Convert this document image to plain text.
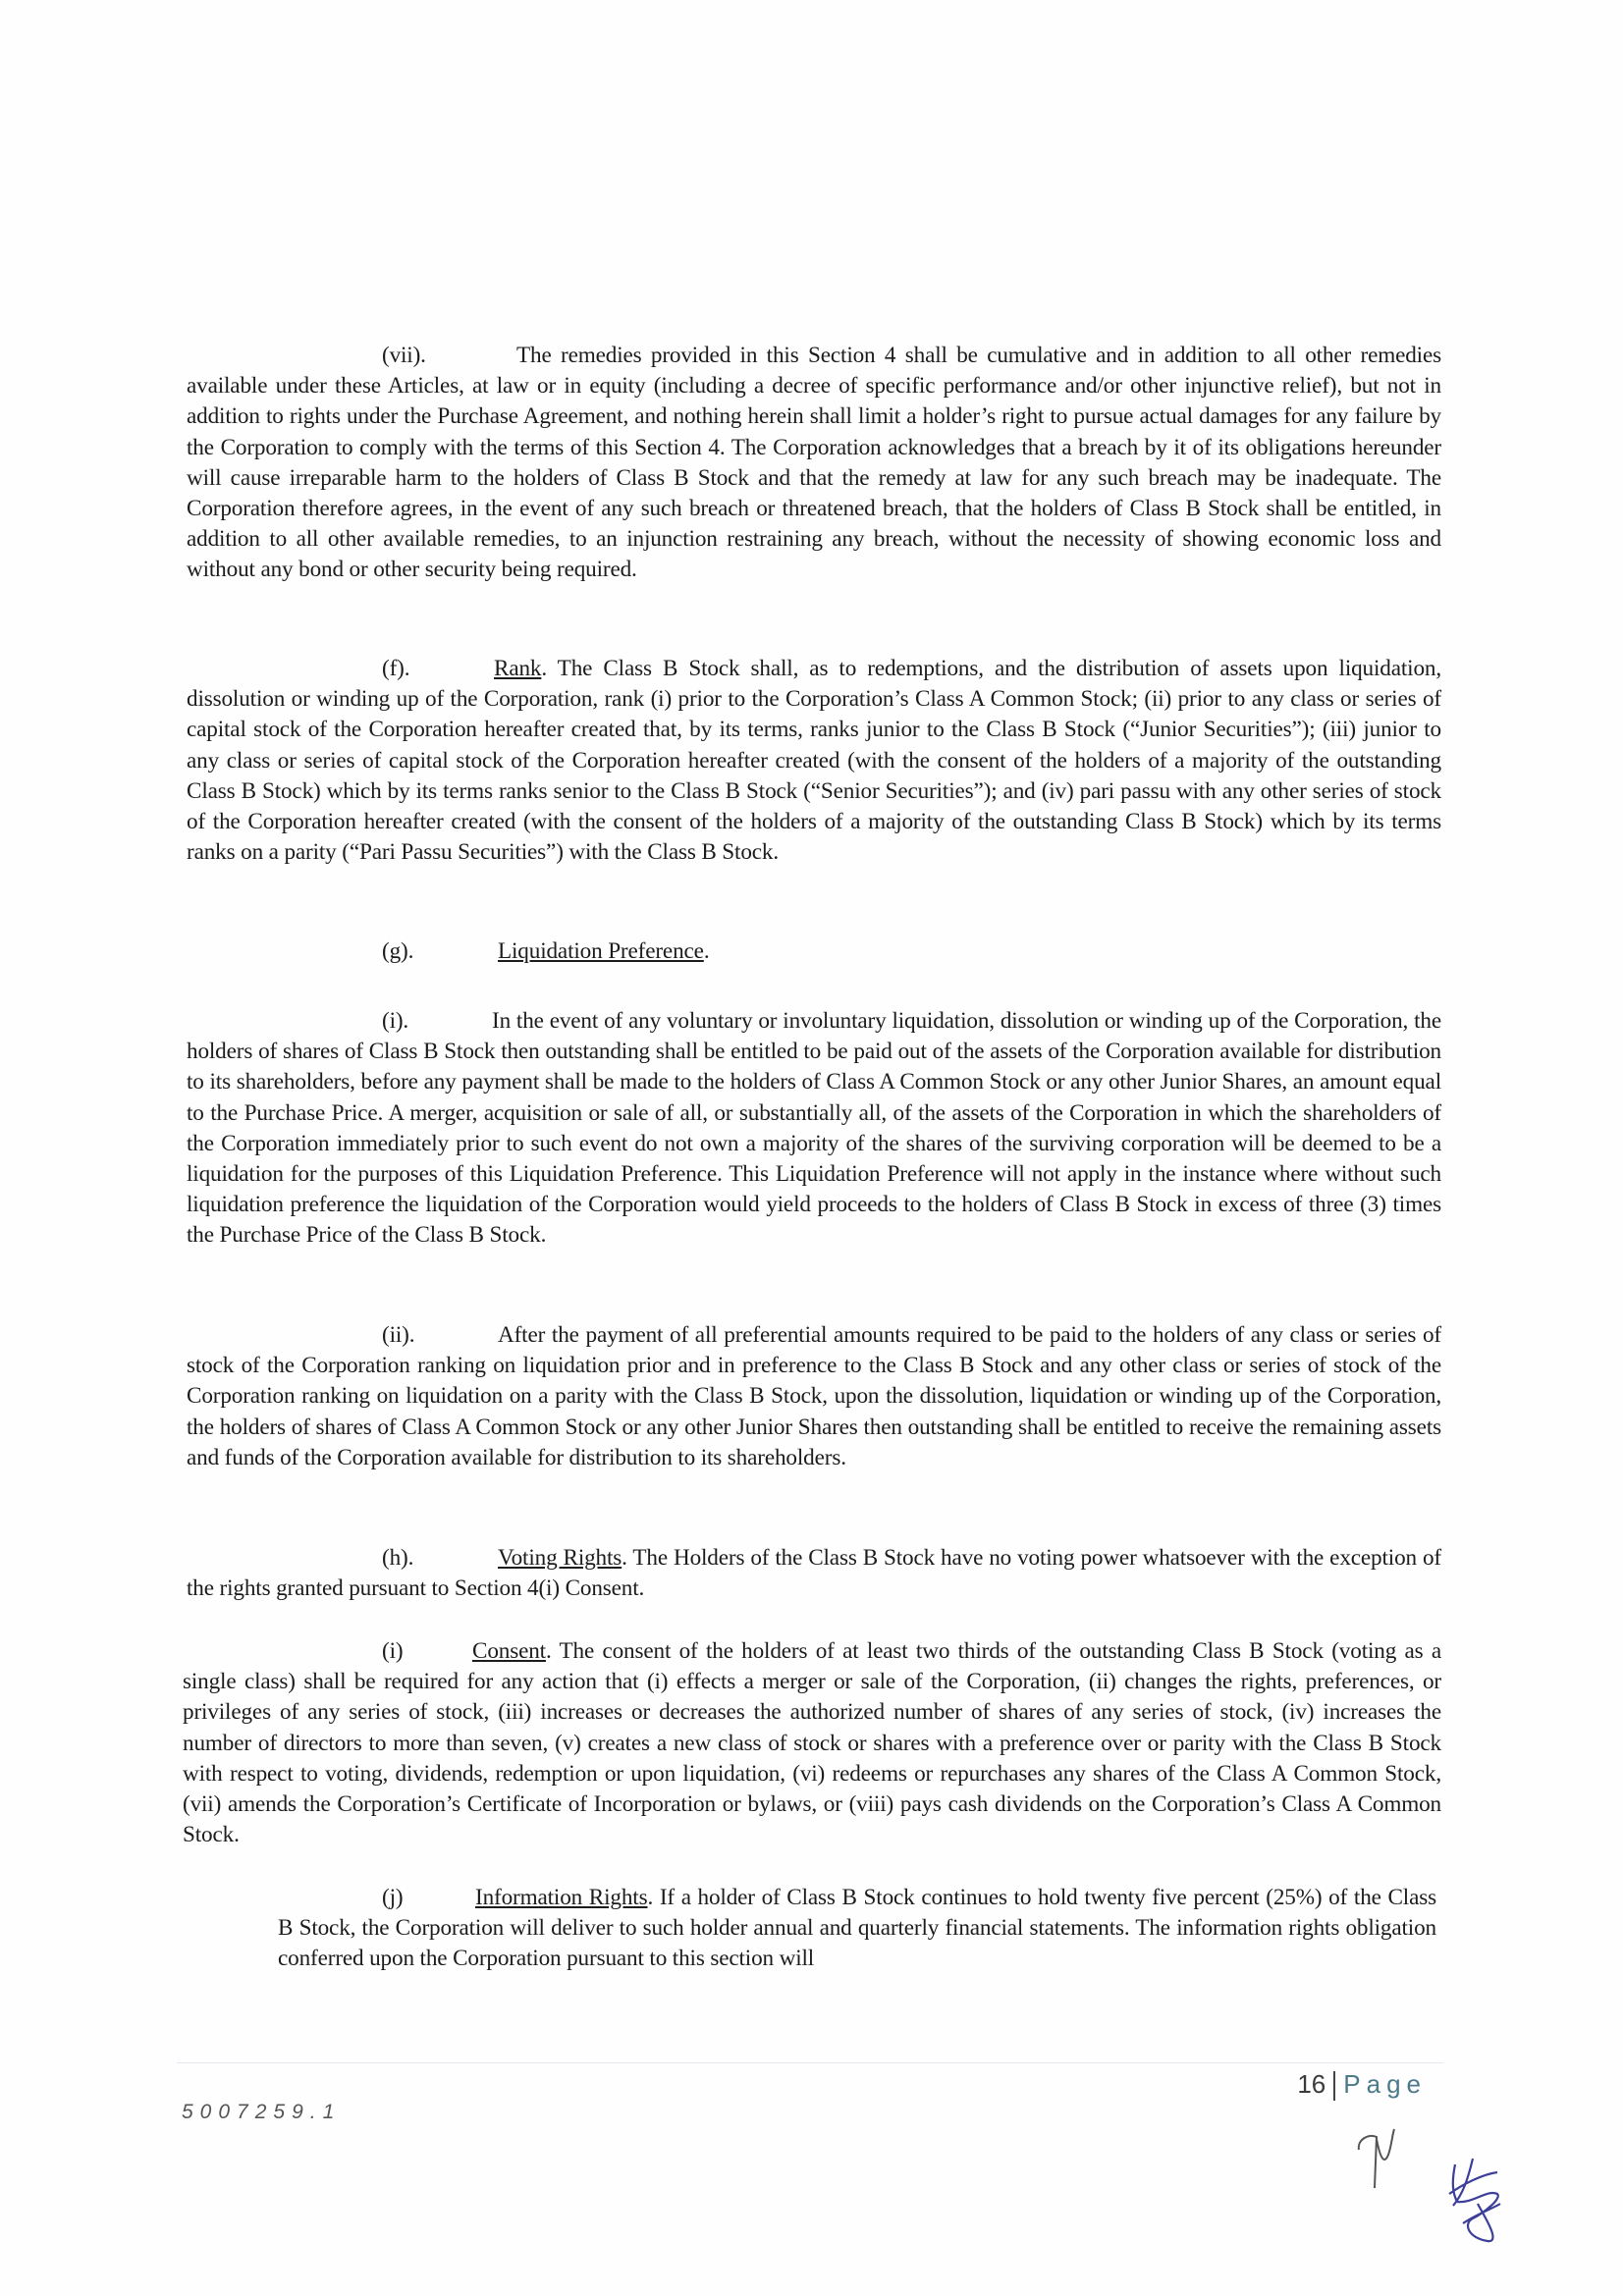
(vii).	The remedies provided in this Section 4 shall be cumulative and in addition to all other remedies available under these Articles, at law or in equity (including a decree of specific performance and/or other injunctive relief), but not in addition to rights under the Purchase Agreement, and nothing herein shall limit a holder’s right to pursue actual damages for any failure by the Corporation to comply with the terms of this Section 4. The Corporation acknowledges that a breach by it of its obligations hereunder will cause irreparable harm to the holders of Class B Stock and that the remedy at law for any such breach may be inadequate. The Corporation therefore agrees, in the event of any such breach or threatened breach, that the holders of Class B Stock shall be entitled, in addition to all other available remedies, to an injunction restraining any breach, without the necessity of showing economic loss and without any bond or other security being required.
(f).	Rank. The Class B Stock shall, as to redemptions, and the distribution of assets upon liquidation, dissolution or winding up of the Corporation, rank (i) prior to the Corporation’s Class A Common Stock; (ii) prior to any class or series of capital stock of the Corporation hereafter created that, by its terms, ranks junior to the Class B Stock (“Junior Securities”); (iii) junior to any class or series of capital stock of the Corporation hereafter created (with the consent of the holders of a majority of the outstanding Class B Stock) which by its terms ranks senior to the Class B Stock (“Senior Securities”); and (iv) pari passu with any other series of stock of the Corporation hereafter created (with the consent of the holders of a majority of the outstanding Class B Stock) which by its terms ranks on a parity (“Pari Passu Securities”) with the Class B Stock.
(g).	Liquidation Preference.
(i).	In the event of any voluntary or involuntary liquidation, dissolution or winding up of the Corporation, the holders of shares of Class B Stock then outstanding shall be entitled to be paid out of the assets of the Corporation available for distribution to its shareholders, before any payment shall be made to the holders of Class A Common Stock or any other Junior Shares, an amount equal to the Purchase Price. A merger, acquisition or sale of all, or substantially all, of the assets of the Corporation in which the shareholders of the Corporation immediately prior to such event do not own a majority of the shares of the surviving corporation will be deemed to be a liquidation for the purposes of this Liquidation Preference. This Liquidation Preference will not apply in the instance where without such liquidation preference the liquidation of the Corporation would yield proceeds to the holders of Class B Stock in excess of three (3) times the Purchase Price of the Class B Stock.
(ii).	After the payment of all preferential amounts required to be paid to the holders of any class or series of stock of the Corporation ranking on liquidation prior and in preference to the Class B Stock and any other class or series of stock of the Corporation ranking on liquidation on a parity with the Class B Stock, upon the dissolution, liquidation or winding up of the Corporation, the holders of shares of Class A Common Stock or any other Junior Shares then outstanding shall be entitled to receive the remaining assets and funds of the Corporation available for distribution to its shareholders.
(h).	Voting Rights. The Holders of the Class B Stock have no voting power whatsoever with the exception of the rights granted pursuant to Section 4(i) Consent.
(i)	Consent. The consent of the holders of at least two thirds of the outstanding Class B Stock (voting as a single class) shall be required for any action that (i) effects a merger or sale of the Corporation, (ii) changes the rights, preferences, or privileges of any series of stock, (iii) increases or decreases the authorized number of shares of any series of stock, (iv) increases the number of directors to more than seven, (v) creates a new class of stock or shares with a preference over or parity with the Class B Stock with respect to voting, dividends, redemption or upon liquidation, (vi) redeems or repurchases any shares of the Class A Common Stock, (vii) amends the Corporation’s Certificate of Incorporation or bylaws, or (viii) pays cash dividends on the Corporation’s Class A Common Stock.
(j)	Information Rights. If a holder of Class B Stock continues to hold twenty five percent (25%) of the Class B Stock, the Corporation will deliver to such holder annual and quarterly financial statements. The information rights obligation conferred upon the Corporation pursuant to this section will
16 Page
5007259.1
